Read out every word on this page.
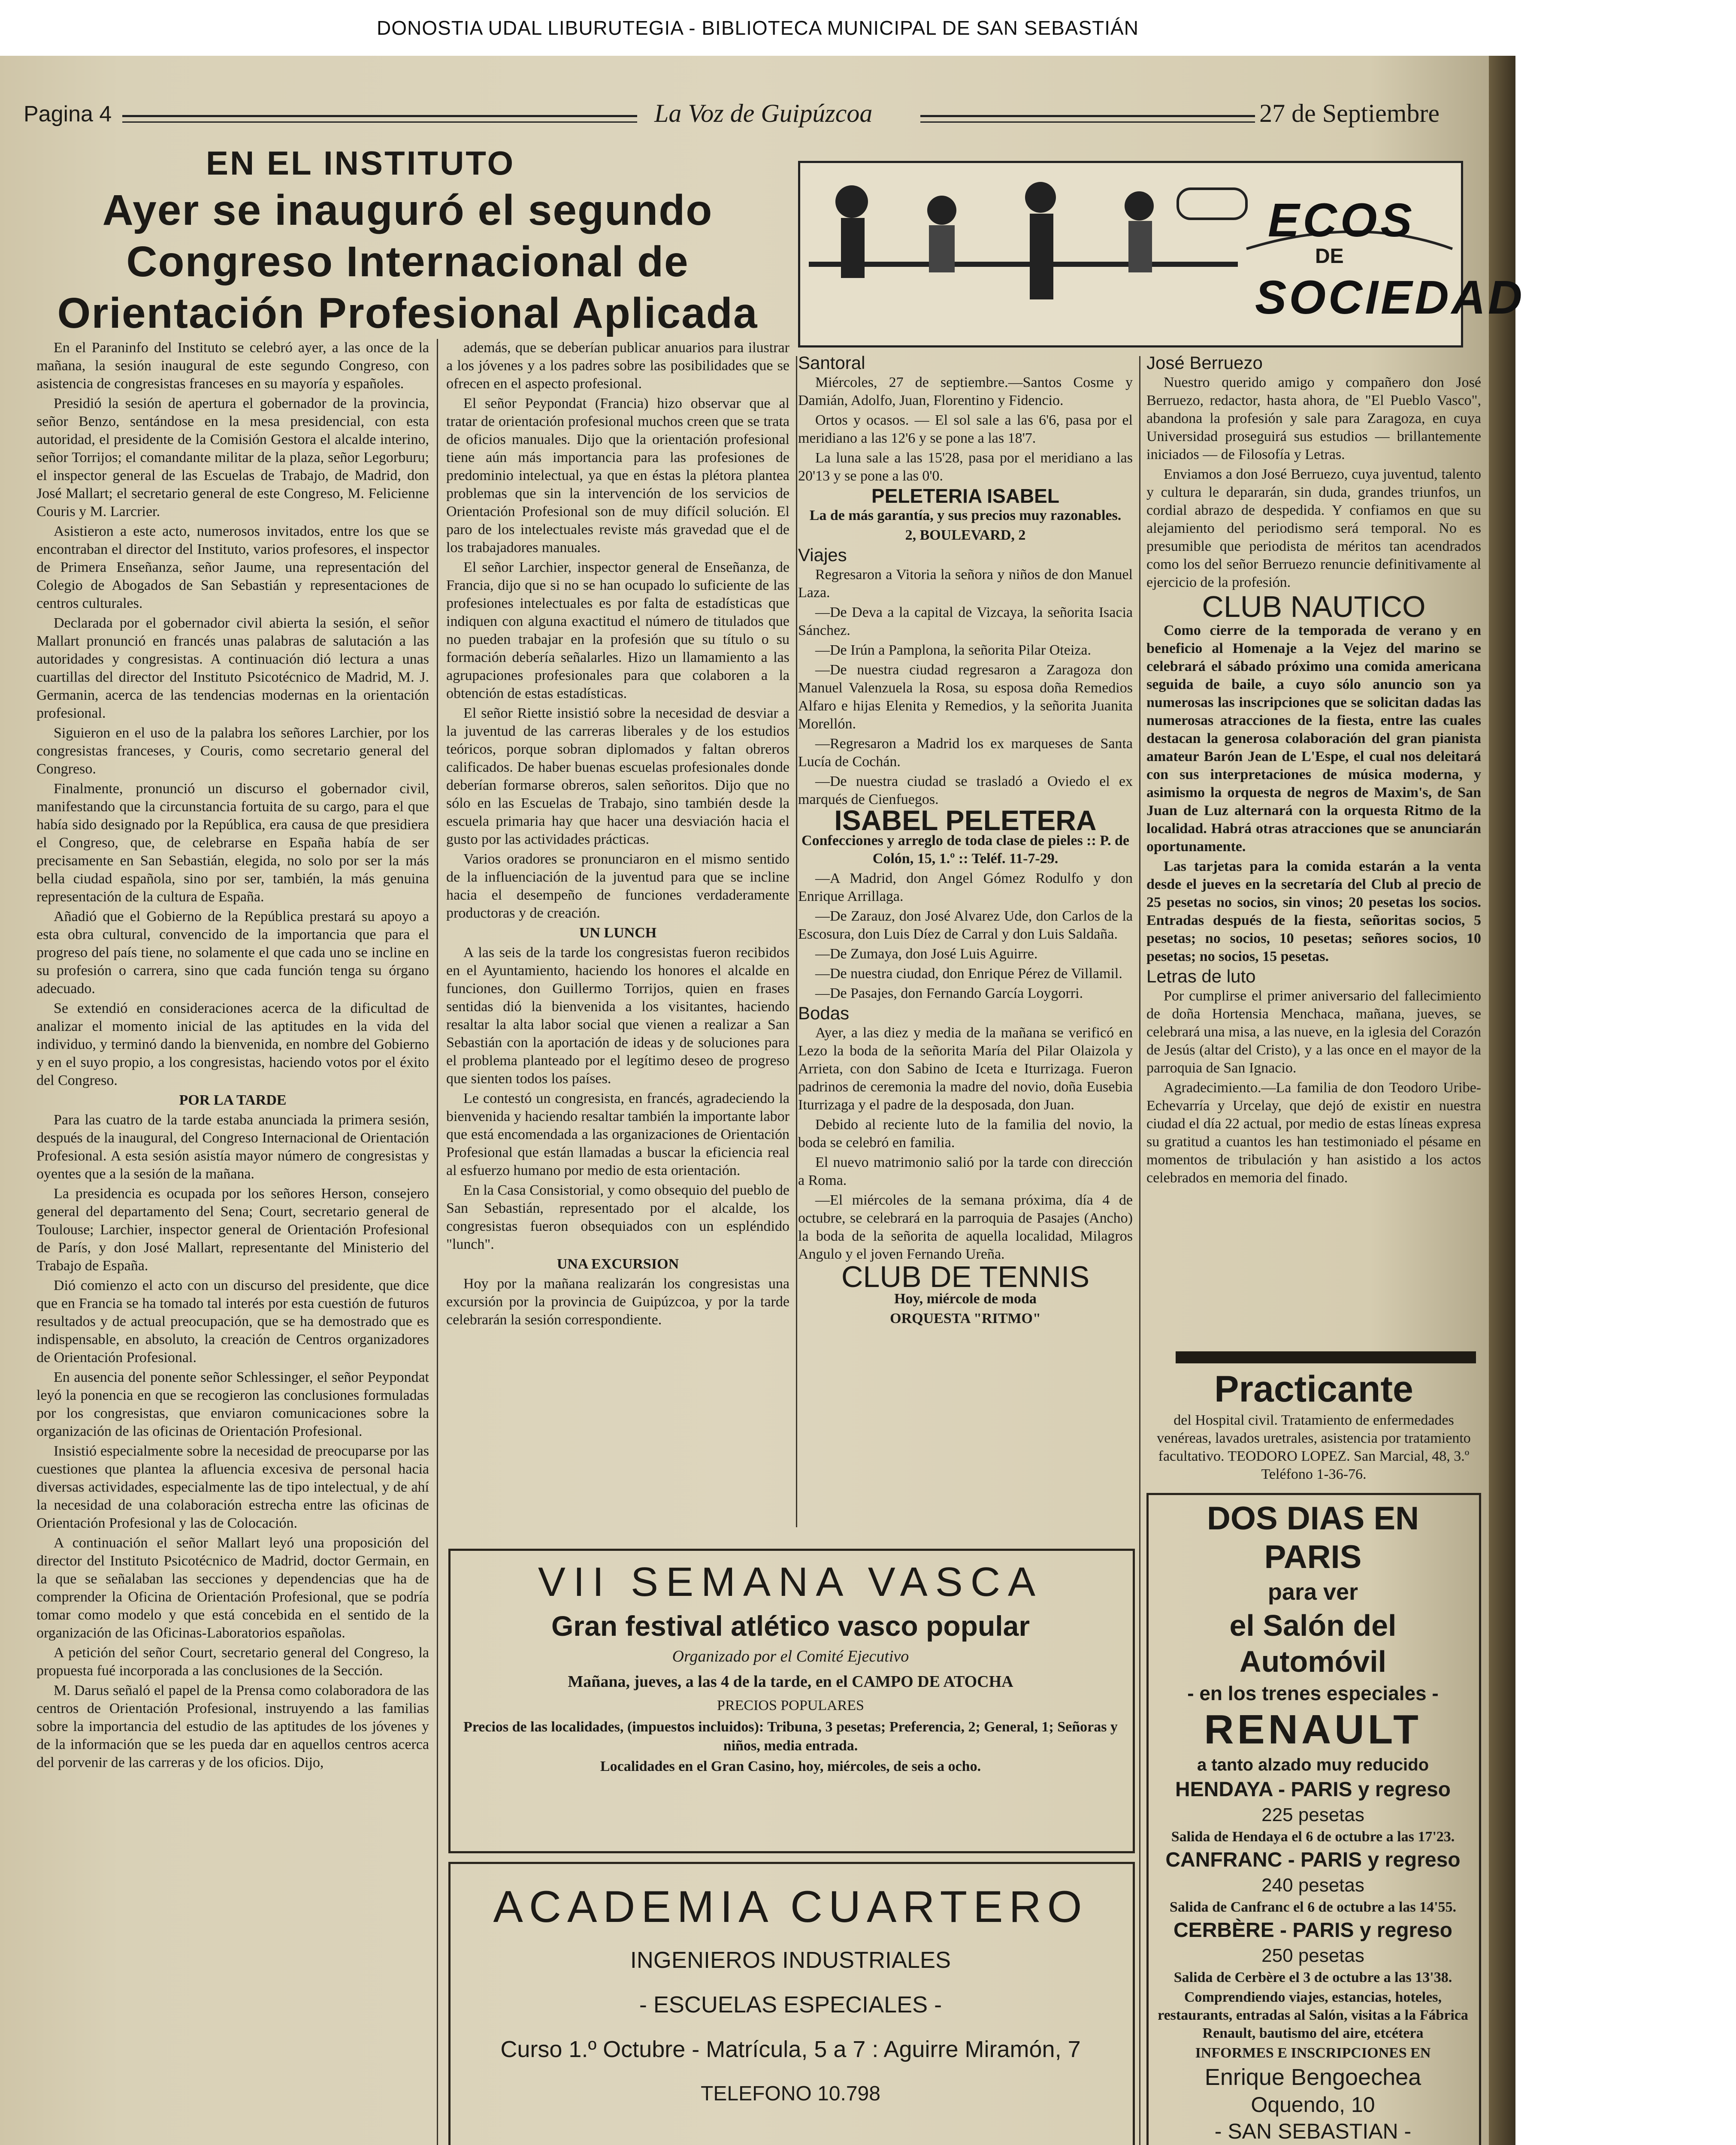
DONOSTIA UDAL LIBURUTEGIA - BIBLIOTECA MUNICIPAL DE SAN SEBASTIÁN
Pagina 4	La Voz de Guipúzcoa	27 de Septiembre
EN EL INSTITUTO
Ayer se inauguró el segundo Congreso Internacional de Orientación Profesional Aplicada

En el Paraninfo del Instituto se celebró ayer, a las once de la mañana, la sesión inaugural de este segundo Congreso, con asistencia de congresistas franceses en su mayoría y españoles.

Presidió la sesión de apertura el gobernador de la provincia, señor Benzo, sentándose en la mesa presidencial, con esta autoridad, el presidente de la Comisión Gestora el alcalde interino, señor Torrijos; el comandante militar de la plaza, señor Legorburu; el inspector general de las Escuelas de Trabajo, de Madrid, don José Mallart; el secretario general de este Congreso, M. Felicienne Couris y M. Larcrier.

Asistieron a este acto, numerosos invitados, entre los que se encontraban el director del Instituto, varios profesores, el inspector de Primera Enseñanza, señor Jaume, una representación del Colegio de Abogados de San Sebastián y representaciones de centros culturales.

Declarada por el gobernador civil abierta la sesión, el señor Mallart pronunció en francés unas palabras de salutación a las autoridades y congresistas. A continuación dió lectura a unas cuartillas del director del Instituto Psicotécnico de Madrid, M. J. Germanin, acerca de las tendencias modernas en la orientación profesional.

Siguieron en el uso de la palabra los señores Larchier, por los congresistas franceses, y Couris, como secretario general del Congreso.

Finalmente, pronunció un discurso el gobernador civil, manifestando que la circunstancia fortuita de su cargo, para el que había sido designado por la República, era causa de que presidiera el Congreso, que, de celebrarse en España había de ser precisamente en San Sebastián, elegida, no solo por ser la más bella ciudad española, sino por ser, también, la más genuina representación de la cultura de España.

Añadió que el Gobierno de la República prestará su apoyo a esta obra cultural, convencido de la importancia que para el progreso del país tiene, no solamente el que cada uno se incline en su profesión o carrera, sino que cada función tenga su órgano adecuado.

Se extendió en consideraciones acerca de la dificultad de analizar el momento inicial de las aptitudes en la vida del individuo, y terminó dando la bienvenida, en nombre del Gobierno y en el suyo propio, a los congresistas, haciendo votos por el éxito del Congreso.

POR LA TARDE

Para las cuatro de la tarde estaba anunciada la primera sesión, después de la inaugural, del Congreso Internacional de Orientación Profesional. A esta sesión asistía mayor número de congresistas y oyentes que a la sesión de la mañana.

La presidencia es ocupada por los señores Herson, consejero general del departamento del Sena; Court, secretario general de Toulouse; Larchier, inspector general de Orientación Profesional de París, y don José Mallart, representante del Ministerio del Trabajo de España.

Dió comienzo el acto con un discurso del presidente, que dice que en Francia se ha tomado tal interés por esta cuestión de futuros resultados y de actual preocupación, que se ha demostrado que es indispensable, en absoluto, la creación de Centros organizadores de Orientación Profesional.

En ausencia del ponente señor Schlessinger, el señor Peypondat leyó la ponencia en que se recogieron las conclusiones formuladas por los congresistas, que enviaron comunicaciones sobre la organización de las oficinas de Orientación Profesional.

Insistió especialmente sobre la necesidad de preocuparse por las cuestiones que plantea la afluencia excesiva de personal hacia diversas actividades, especialmente las de tipo intelectual, y de ahí la necesidad de una colaboración estrecha entre las oficinas de Orientación Profesional y las de Colocación.

A continuación el señor Mallart leyó una proposición del director del Instituto Psicotécnico de Madrid, doctor Germain, en la que se señalaban las secciones y dependencias que ha de comprender la Oficina de Orientación Profesional, que se podría tomar como modelo y que está concebida en el sentido de la organización de las Oficinas-Laboratorios españolas.

A petición del señor Court, secretario general del Congreso, la propuesta fué incorporada a las conclusiones de la Sección.

M. Darus señaló el papel de la Prensa como colaboradora de las centros de Orientación Profesional, instruyendo a las familias sobre la importancia del estudio de las aptitudes de los jóvenes y de la información que se les pueda dar en aquellos centros acerca del porvenir de las carreras y de los oficios. Dijo,

además, que se deberían publicar anuarios para ilustrar a los jóvenes y a los padres sobre las posibilidades que se ofrecen en el aspecto profesional.

El señor Peypondat (Francia) hizo observar que al tratar de orientación profesional muchos creen que se trata de oficios manuales. Dijo que la orientación profesional tiene aún más importancia para las profesiones de predominio intelectual, ya que en éstas la plétora plantea problemas que sin la intervención de los servicios de Orientación Profesional son de muy difícil solución. El paro de los intelectuales reviste más gravedad que el de los trabajadores manuales.

El señor Larchier, inspector general de Enseñanza, de Francia, dijo que si no se han ocupado lo suficiente de las profesiones intelectuales es por falta de estadísticas que indiquen con alguna exactitud el número de titulados que no pueden trabajar en la profesión que su título o su formación debería señalarles. Hizo un llamamiento a las agrupaciones profesionales para que colaboren a la obtención de estas estadísticas.

El señor Riette insistió sobre la necesidad de desviar a la juventud de las carreras liberales y de los estudios teóricos, porque sobran diplomados y faltan obreros calificados. De haber buenas escuelas profesionales donde deberían formarse obreros, salen señoritos. Dijo que no sólo en las Escuelas de Trabajo, sino también desde la escuela primaria hay que hacer una desviación hacia el gusto por las actividades prácticas.

Varios oradores se pronunciaron en el mismo sentido de la influenciación de la juventud para que se incline hacia el desempeño de funciones verdaderamente productoras y de creación.

UN LUNCH

A las seis de la tarde los congresistas fueron recibidos en el Ayuntamiento, haciendo los honores el alcalde en funciones, don Guillermo Torrijos, quien en frases sentidas dió la bienvenida a los visitantes, haciendo resaltar la alta labor social que vienen a realizar a San Sebastián con la aportación de ideas y de soluciones para el problema planteado por el legítimo deseo de progreso que sienten todos los países.

Le contestó un congresista, en francés, agradeciendo la bienvenida y haciendo resaltar también la importante labor que está encomendada a las organizaciones de Orientación Profesional que están llamadas a buscar la eficiencia real al esfuerzo humano por medio de esta orientación.

En la Casa Consistorial, y como obsequio del pueblo de San Sebastián, representado por el alcalde, los congresistas fueron obsequiados con un espléndido "lunch".

UNA EXCURSION

Hoy por la mañana realizarán los congresistas una excursión por la provincia de Guipúzcoa, y por la tarde celebrarán la sesión correspondiente.

ECOS
DE
SOCIEDAD

Santoral

Miércoles, 27 de septiembre.—Santos Cosme y Damián, Adolfo, Juan, Florentino y Fidencio.

Ortos y ocasos. — El sol sale a las 6'6, pasa por el meridiano a las 12'6 y se pone a las 18'7.

La luna sale a las 15'28, pasa por el meridiano a las 20'13 y se pone a las 0'0.

PELETERIA ISABEL

La de más garantía, y sus precios muy razonables.

2, BOULEVARD, 2

Viajes

Regresaron a Vitoria la señora y niños de don Manuel Laza.

—De Deva a la capital de Vizcaya, la señorita Isacia Sánchez.

—De Irún a Pamplona, la señorita Pilar Oteiza.

—De nuestra ciudad regresaron a Zaragoza don Manuel Valenzuela la Rosa, su esposa doña Remedios Alfaro e hijas Elenita y Remedios, y la señorita Juanita Morellón.

—Regresaron a Madrid los ex marqueses de Santa Lucía de Cochán.

—De nuestra ciudad se trasladó a Oviedo el ex marqués de Cienfuegos.

ISABEL PELETERA

Confecciones y arreglo de toda clase de pieles :: P. de Colón, 15, 1.º :: Teléf. 11-7-29.

—A Madrid, don Angel Gómez Rodulfo y don Enrique Arrillaga.

—De Zarauz, don José Alvarez Ude, don Carlos de la Escosura, don Luis Díez de Carral y don Luis Saldaña.

—De Zumaya, don José Luis Aguirre.

—De nuestra ciudad, don Enrique Pérez de Villamil.

—De Pasajes, don Fernando García Loygorri.

Bodas

Ayer, a las diez y media de la mañana se verificó en Lezo la boda de la señorita María del Pilar Olaizola y Arrieta, con don Sabino de Iceta e Iturrizaga. Fueron padrinos de ceremonia la madre del novio, doña Eusebia Iturrizaga y el padre de la desposada, don Juan.

Debido al reciente luto de la familia del novio, la boda se celebró en familia.

El nuevo matrimonio salió por la tarde con dirección a Roma.

—El miércoles de la semana próxima, día 4 de octubre, se celebrará en la parroquia de Pasajes (Ancho) la boda de la señorita de aquella localidad, Milagros Angulo y el joven Fernando Ureña.

CLUB DE TENNIS

Hoy, miércole de moda

ORQUESTA "RITMO"

José Berruezo

Nuestro querido amigo y compañero don José Berruezo, redactor, hasta ahora, de "El Pueblo Vasco", abandona la profesión y sale para Zaragoza, en cuya Universidad proseguirá sus estudios — brillantemente iniciados — de Filosofía y Letras.

Enviamos a don José Berruezo, cuya juventud, talento y cultura le depararán, sin duda, grandes triunfos, un cordial abrazo de despedida. Y confiamos en que su alejamiento del periodismo será temporal. No es presumible que periodista de méritos tan acendrados como los del señor Berruezo renuncie definitivamente al ejercicio de la profesión.

CLUB NAUTICO

Como cierre de la temporada de verano y en beneficio al Homenaje a la Vejez del marino se celebrará el sábado próximo una comida americana seguida de baile, a cuyo sólo anuncio son ya numerosas las inscripciones que se solicitan dadas las numerosas atracciones de la fiesta, entre las cuales destacan la generosa colaboración del gran pianista amateur Barón Jean de L'Espe, el cual nos deleitará con sus interpretaciones de música moderna, y asimismo la orquesta de negros de Maxim's, de San Juan de Luz alternará con la orquesta Ritmo de la localidad. Habrá otras atracciones que se anunciarán oportunamente.

Las tarjetas para la comida estarán a la venta desde el jueves en la secretaría del Club al precio de 25 pesetas no socios, sin vinos; 20 pesetas los socios. Entradas después de la fiesta, señoritas socios, 5 pesetas; no socios, 10 pesetas; señores socios, 10 pesetas; no socios, 15 pesetas.

Letras de luto

Por cumplirse el primer aniversario del fallecimiento de doña Hortensia Menchaca, mañana, jueves, se celebrará una misa, a las nueve, en la iglesia del Corazón de Jesús (altar del Cristo), y a las once en el mayor de la parroquia de San Ignacio.

Agradecimiento.—La familia de don Teodoro Uribe-Echevarría y Urcelay, que dejó de existir en nuestra ciudad el día 22 actual, por medio de estas líneas expresa su gratitud a cuantos les han testimoniado el pésame en momentos de tribulación y han asistido a los actos celebrados en memoria del finado.

Practicante

del Hospital civil. Tratamiento de enfermedades venéreas, lavados uretrales, asistencia por tratamiento facultativo. TEODORO LOPEZ. San Marcial, 48, 3.º Teléfono 1-36-76.

DOS DIAS EN PARIS

para ver

el Salón del Automóvil

- en los trenes especiales -

RENAULT

a tanto alzado muy reducido

HENDAYA - PARIS y regreso

225 pesetas

Salida de Hendaya el 6 de octubre a las 17'23.

CANFRANC - PARIS y regreso

240 pesetas

Salida de Canfranc el 6 de octubre a las 14'55.

CERBÈRE - PARIS y regreso

250 pesetas

Salida de Cerbère el 3 de octubre a las 13'38.

Comprendiendo viajes, estancias, hoteles, restaurants, entradas al Salón, visitas a la Fábrica Renault, bautismo del aire, etcétera

INFORMES E INSCRIPCIONES EN

Enrique Bengoechea

Oquendo, 10

- SAN SEBASTIAN -

VII SEMANA VASCA

Gran festival atlético vasco popular

Organizado por el Comité Ejecutivo

Mañana, jueves, a las 4 de la tarde, en el CAMPO DE ATOCHA

PRECIOS POPULARES

Precios de las localidades, (impuestos incluidos): Tribuna, 3 pesetas; Preferencia, 2; General, 1; Señoras y niños, media entrada.

Localidades en el Gran Casino, hoy, miércoles, de seis a ocho.

ACADEMIA CUARTERO

INGENIEROS INDUSTRIALES

- ESCUELAS ESPECIALES -

Curso 1.º Octubre - Matrícula, 5 a 7 : Aguirre Miramón, 7

TELEFONO 10.798
